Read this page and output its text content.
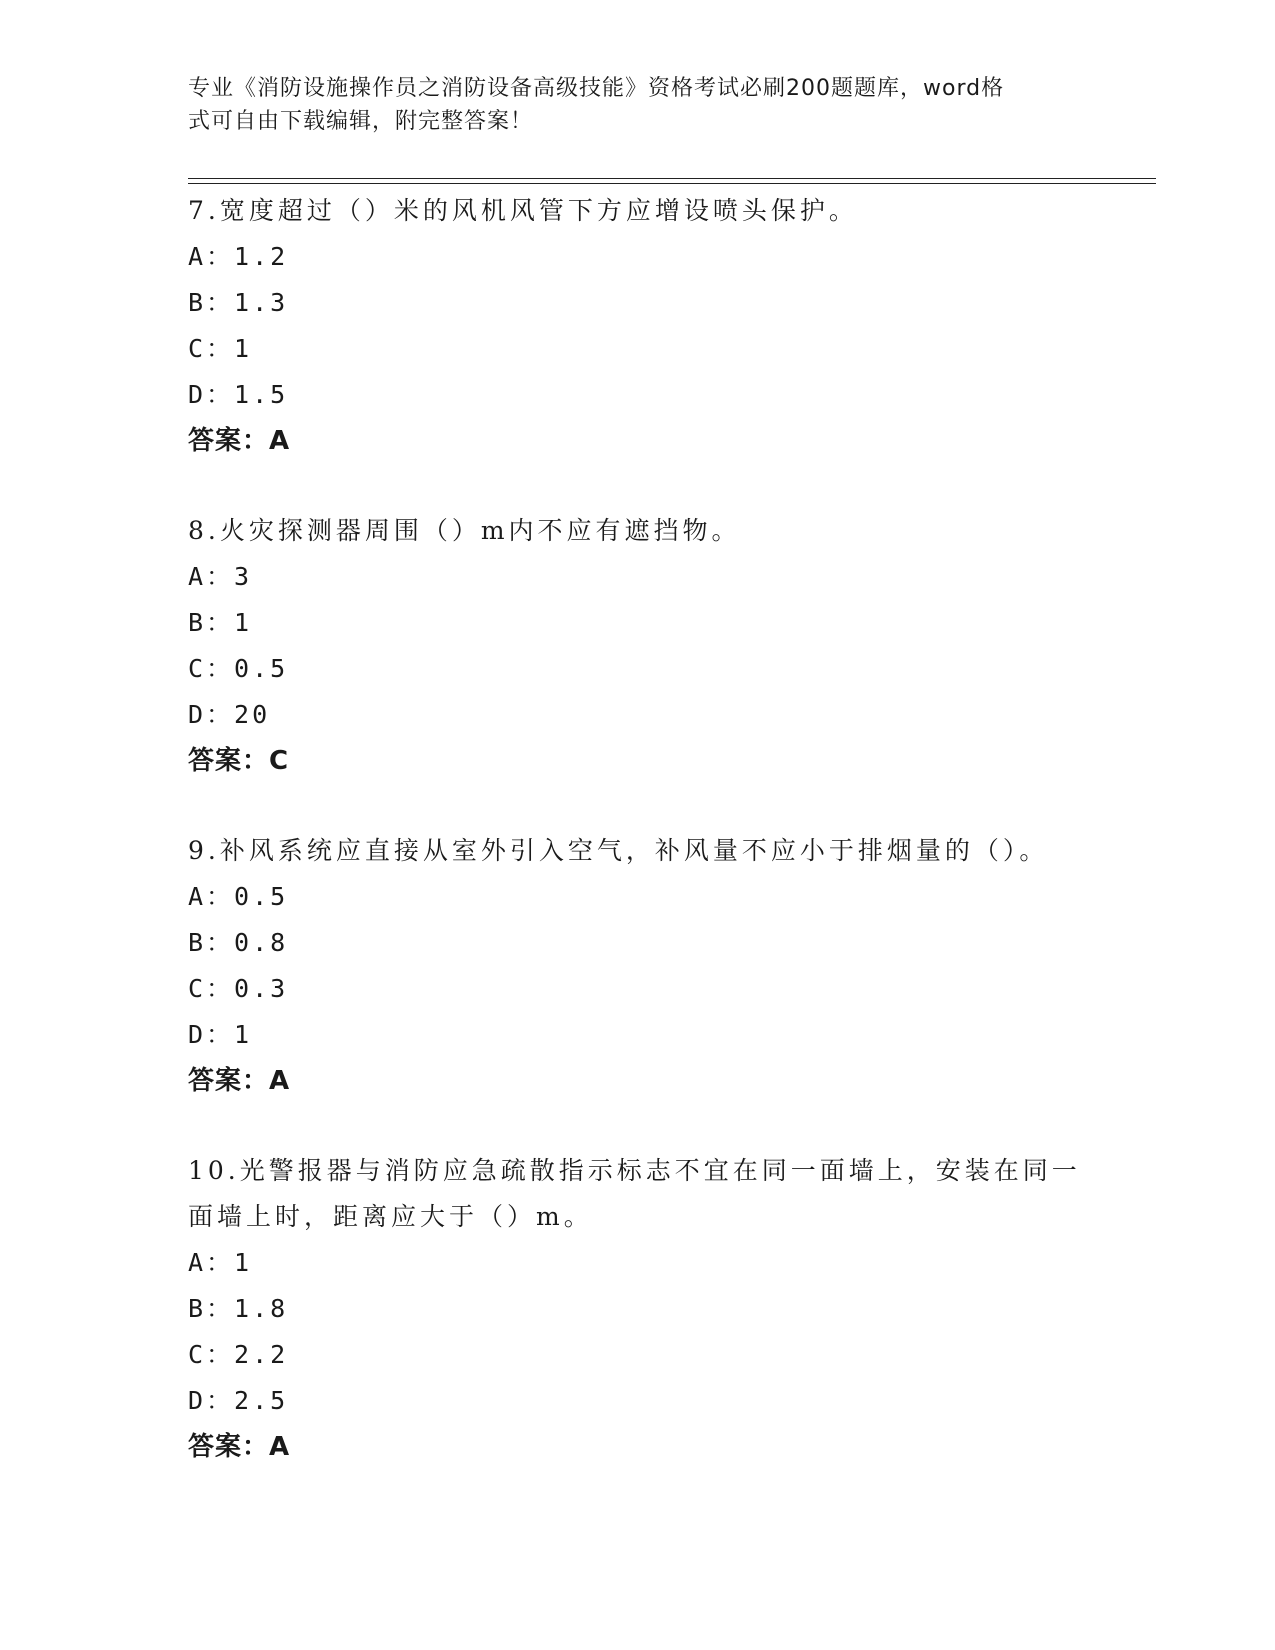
专业《消防设施操作员之消防设备高级技能》资格考试必刷200题题库，word格
式可自由下载编辑，附完整答案！
7.宽度超过（）米的风机风管下方应增设喷头保护。
A：1.2
B：1.3
C：1
D：1.5
答案：A
8.火灾探测器周围（）m内不应有遮挡物。
A：3
B：1
C：0.5
D：20
答案：C
9.补风系统应直接从室外引入空气，补风量不应小于排烟量的（）。
A：0.5
B：0.8
C：0.3
D：1
答案：A
10.光警报器与消防应急疏散指示标志不宜在同一面墙上，安装在同一
面墙上时，距离应大于（）m。
A：1
B：1.8
C：2.2
D：2.5
答案：A
